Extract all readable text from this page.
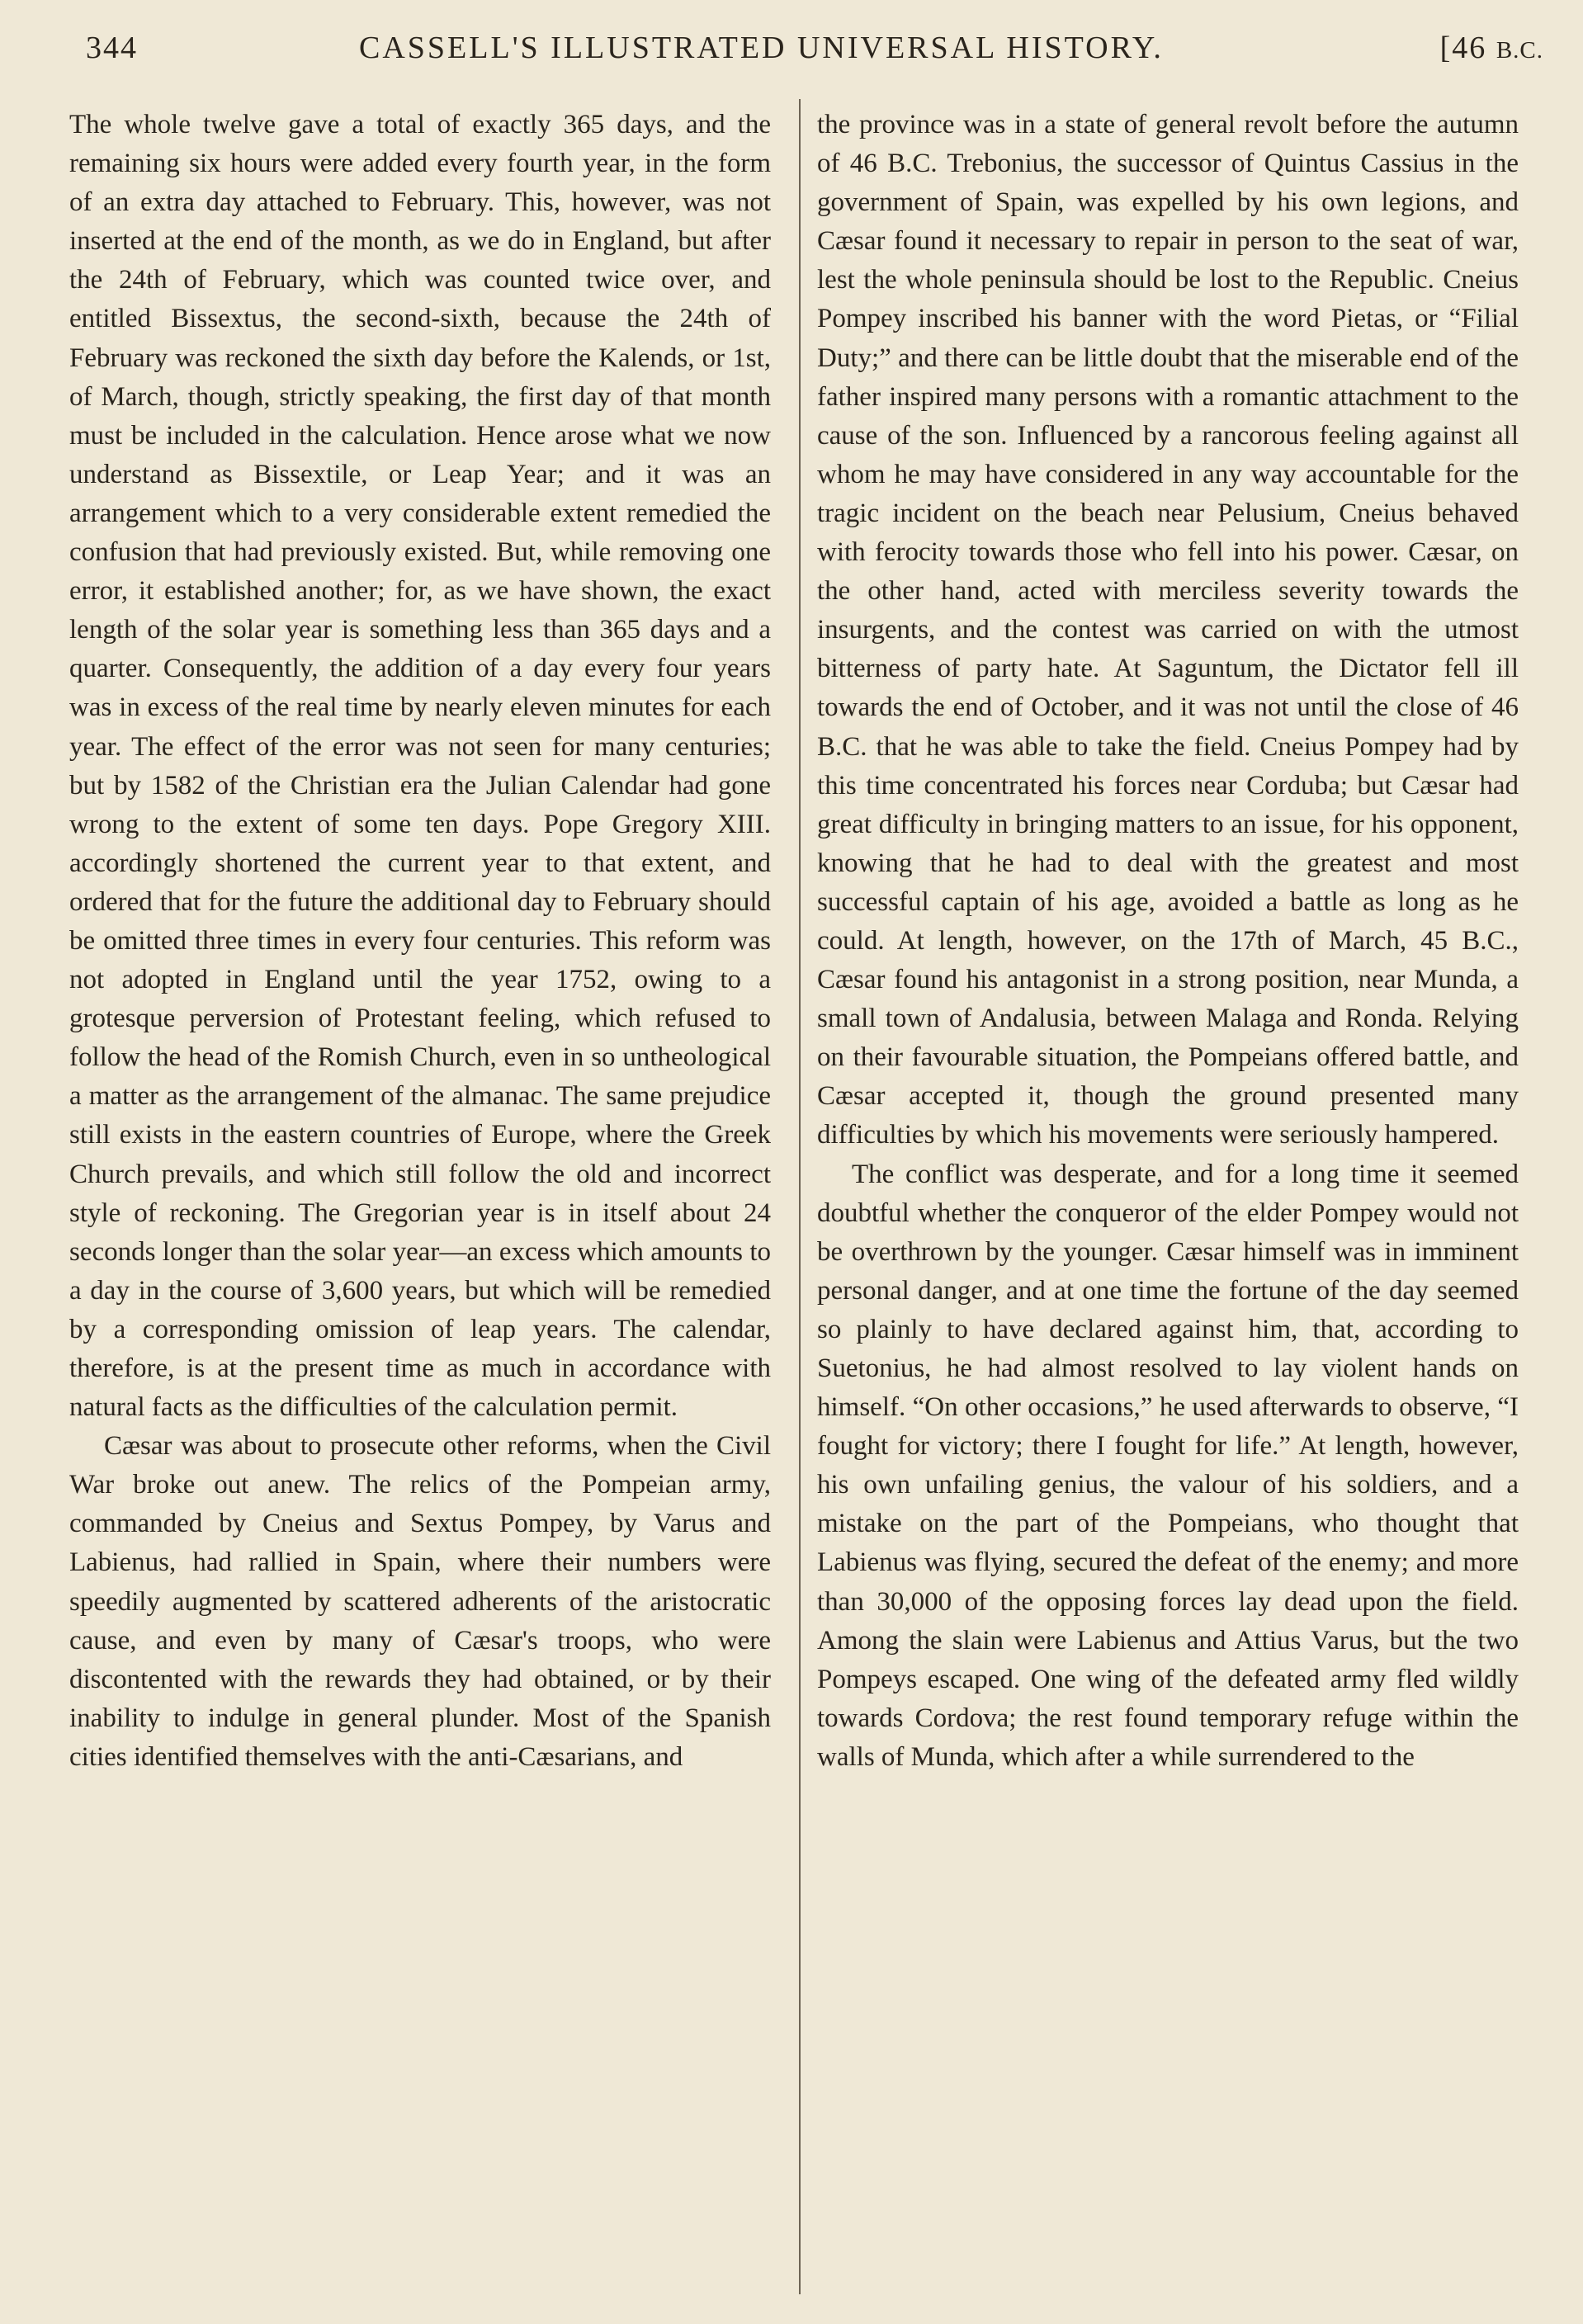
344	CASSELL'S ILLUSTRATED UNIVERSAL HISTORY.	[46 B.C.

The whole twelve gave a total of exactly 365 days, and the remaining six hours were added every fourth year, in the form of an extra day attached to February. This, however, was not inserted at the end of the month, as we do in England, but after the 24th of February, which was counted twice over, and entitled Bissextus, the second-sixth, because the 24th of February was reckoned the sixth day before the Kalends, or 1st, of March, though, strictly speaking, the first day of that month must be included in the calculation. Hence arose what we now understand as Bissextile, or Leap Year; and it was an arrangement which to a very considerable extent remedied the confusion that had previously existed. But, while removing one error, it established another; for, as we have shown, the exact length of the solar year is something less than 365 days and a quarter. Consequently, the addition of a day every four years was in excess of the real time by nearly eleven minutes for each year. The effect of the error was not seen for many centuries; but by 1582 of the Christian era the Julian Calendar had gone wrong to the extent of some ten days. Pope Gregory XIII. accordingly shortened the current year to that extent, and ordered that for the future the additional day to February should be omitted three times in every four centuries. This reform was not adopted in England until the year 1752, owing to a grotesque perversion of Protestant feeling, which refused to follow the head of the Romish Church, even in so untheological a matter as the arrangement of the almanac. The same prejudice still exists in the eastern countries of Europe, where the Greek Church prevails, and which still follow the old and incorrect style of reckoning. The Gregorian year is in itself about 24 seconds longer than the solar year—an excess which amounts to a day in the course of 3,600 years, but which will be remedied by a corresponding omission of leap years. The calendar, therefore, is at the present time as much in accordance with natural facts as the difficulties of the calculation permit.

Cæsar was about to prosecute other reforms, when the Civil War broke out anew. The relics of the Pompeian army, commanded by Cneius and Sextus Pompey, by Varus and Labienus, had rallied in Spain, where their numbers were speedily augmented by scattered adherents of the aristocratic cause, and even by many of Cæsar's troops, who were discontented with the rewards they had obtained, or by their inability to indulge in general plunder. Most of the Spanish cities identified themselves with the anti-Cæsarians, and

the province was in a state of general revolt before the autumn of 46 B.C. Trebonius, the successor of Quintus Cassius in the government of Spain, was expelled by his own legions, and Cæsar found it necessary to repair in person to the seat of war, lest the whole peninsula should be lost to the Republic. Cneius Pompey inscribed his banner with the word Pietas, or “Filial Duty;” and there can be little doubt that the miserable end of the father inspired many persons with a romantic attachment to the cause of the son. Influenced by a rancorous feeling against all whom he may have considered in any way accountable for the tragic incident on the beach near Pelusium, Cneius behaved with ferocity towards those who fell into his power. Cæsar, on the other hand, acted with merciless severity towards the insurgents, and the contest was carried on with the utmost bitterness of party hate. At Saguntum, the Dictator fell ill towards the end of October, and it was not until the close of 46 B.C. that he was able to take the field. Cneius Pompey had by this time concentrated his forces near Corduba; but Cæsar had great difficulty in bringing matters to an issue, for his opponent, knowing that he had to deal with the greatest and most successful captain of his age, avoided a battle as long as he could. At length, however, on the 17th of March, 45 B.C., Cæsar found his antagonist in a strong position, near Munda, a small town of Andalusia, between Malaga and Ronda. Relying on their favourable situation, the Pompeians offered battle, and Cæsar accepted it, though the ground presented many difficulties by which his movements were seriously hampered.

The conflict was desperate, and for a long time it seemed doubtful whether the conqueror of the elder Pompey would not be overthrown by the younger. Cæsar himself was in imminent personal danger, and at one time the fortune of the day seemed so plainly to have declared against him, that, according to Suetonius, he had almost resolved to lay violent hands on himself. “On other occasions,” he used afterwards to observe, “I fought for victory; there I fought for life.” At length, however, his own unfailing genius, the valour of his soldiers, and a mistake on the part of the Pompeians, who thought that Labienus was flying, secured the defeat of the enemy; and more than 30,000 of the opposing forces lay dead upon the field. Among the slain were Labienus and Attius Varus, but the two Pompeys escaped. One wing of the defeated army fled wildly towards Cordova; the rest found temporary refuge within the walls of Munda, which after a while surrendered to the
